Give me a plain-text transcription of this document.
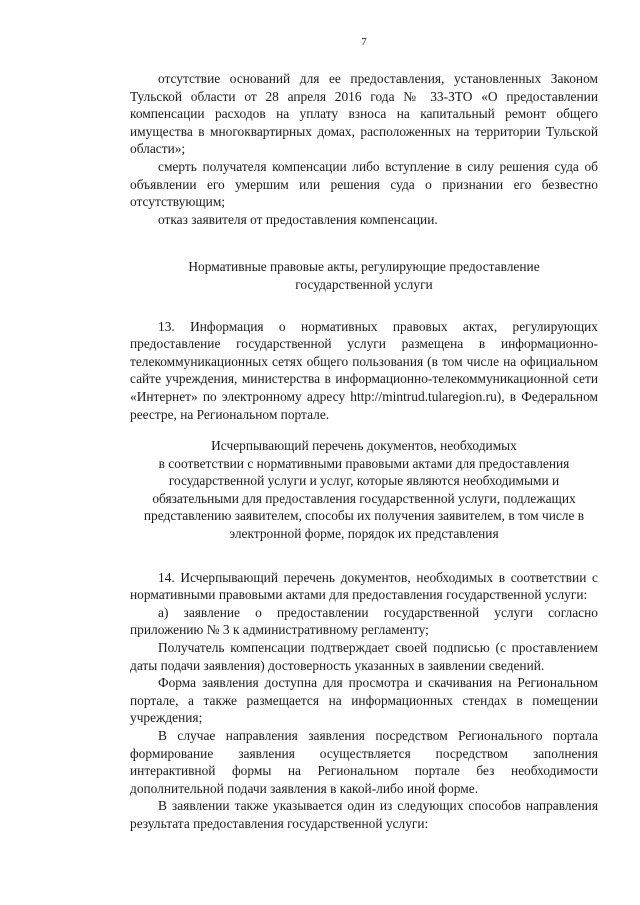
7

отсутствие оснований для ее предоставления, установленных Законом Тульской области от 28 апреля 2016 года № 33-ЗТО «О предоставлении компенсации расходов на уплату взноса на капитальный ремонт общего имущества в многоквартирных домах, расположенных на территории Тульской области»;

смерть получателя компенсации либо вступление в силу решения суда об объявлении его умершим или решения суда о признании его безвестно отсутствующим;

отказ заявителя от предоставления компенсации.

Нормативные правовые акты, регулирующие предоставление
государственной услуги

13. Информация о нормативных правовых актах, регулирующих предоставление государственной услуги размещена в информационно-телекоммуникационных сетях общего пользования (в том числе на официальном сайте учреждения, министерства в информационно-телекоммуникационной сети «Интернет» по электронному адресу http://mintrud.tularegion.ru), в Федеральном реестре, на Региональном портале.

Исчерпывающий перечень документов, необходимых
в соответствии с нормативными правовыми актами для предоставления
государственной услуги и услуг, которые являются необходимыми и
обязательными для предоставления государственной услуги, подлежащих
представлению заявителем, способы их получения заявителем, в том числе в
электронной форме, порядок их представления

14. Исчерпывающий перечень документов, необходимых в соответствии с нормативными правовыми актами для предоставления государственной услуги:

а) заявление о предоставлении государственной услуги согласно приложению № 3 к административному регламенту;

Получатель компенсации подтверждает своей подписью (с проставлением даты подачи заявления) достоверность указанных в заявлении сведений.

Форма заявления доступна для просмотра и скачивания на Региональном портале, а также размещается на информационных стендах в помещении учреждения;

В случае направления заявления посредством Регионального портала формирование заявления осуществляется посредством заполнения интерактивной формы на Региональном портале без необходимости дополнительной подачи заявления в какой-либо иной форме.

В заявлении также указывается один из следующих способов направления результата предоставления государственной услуги:
